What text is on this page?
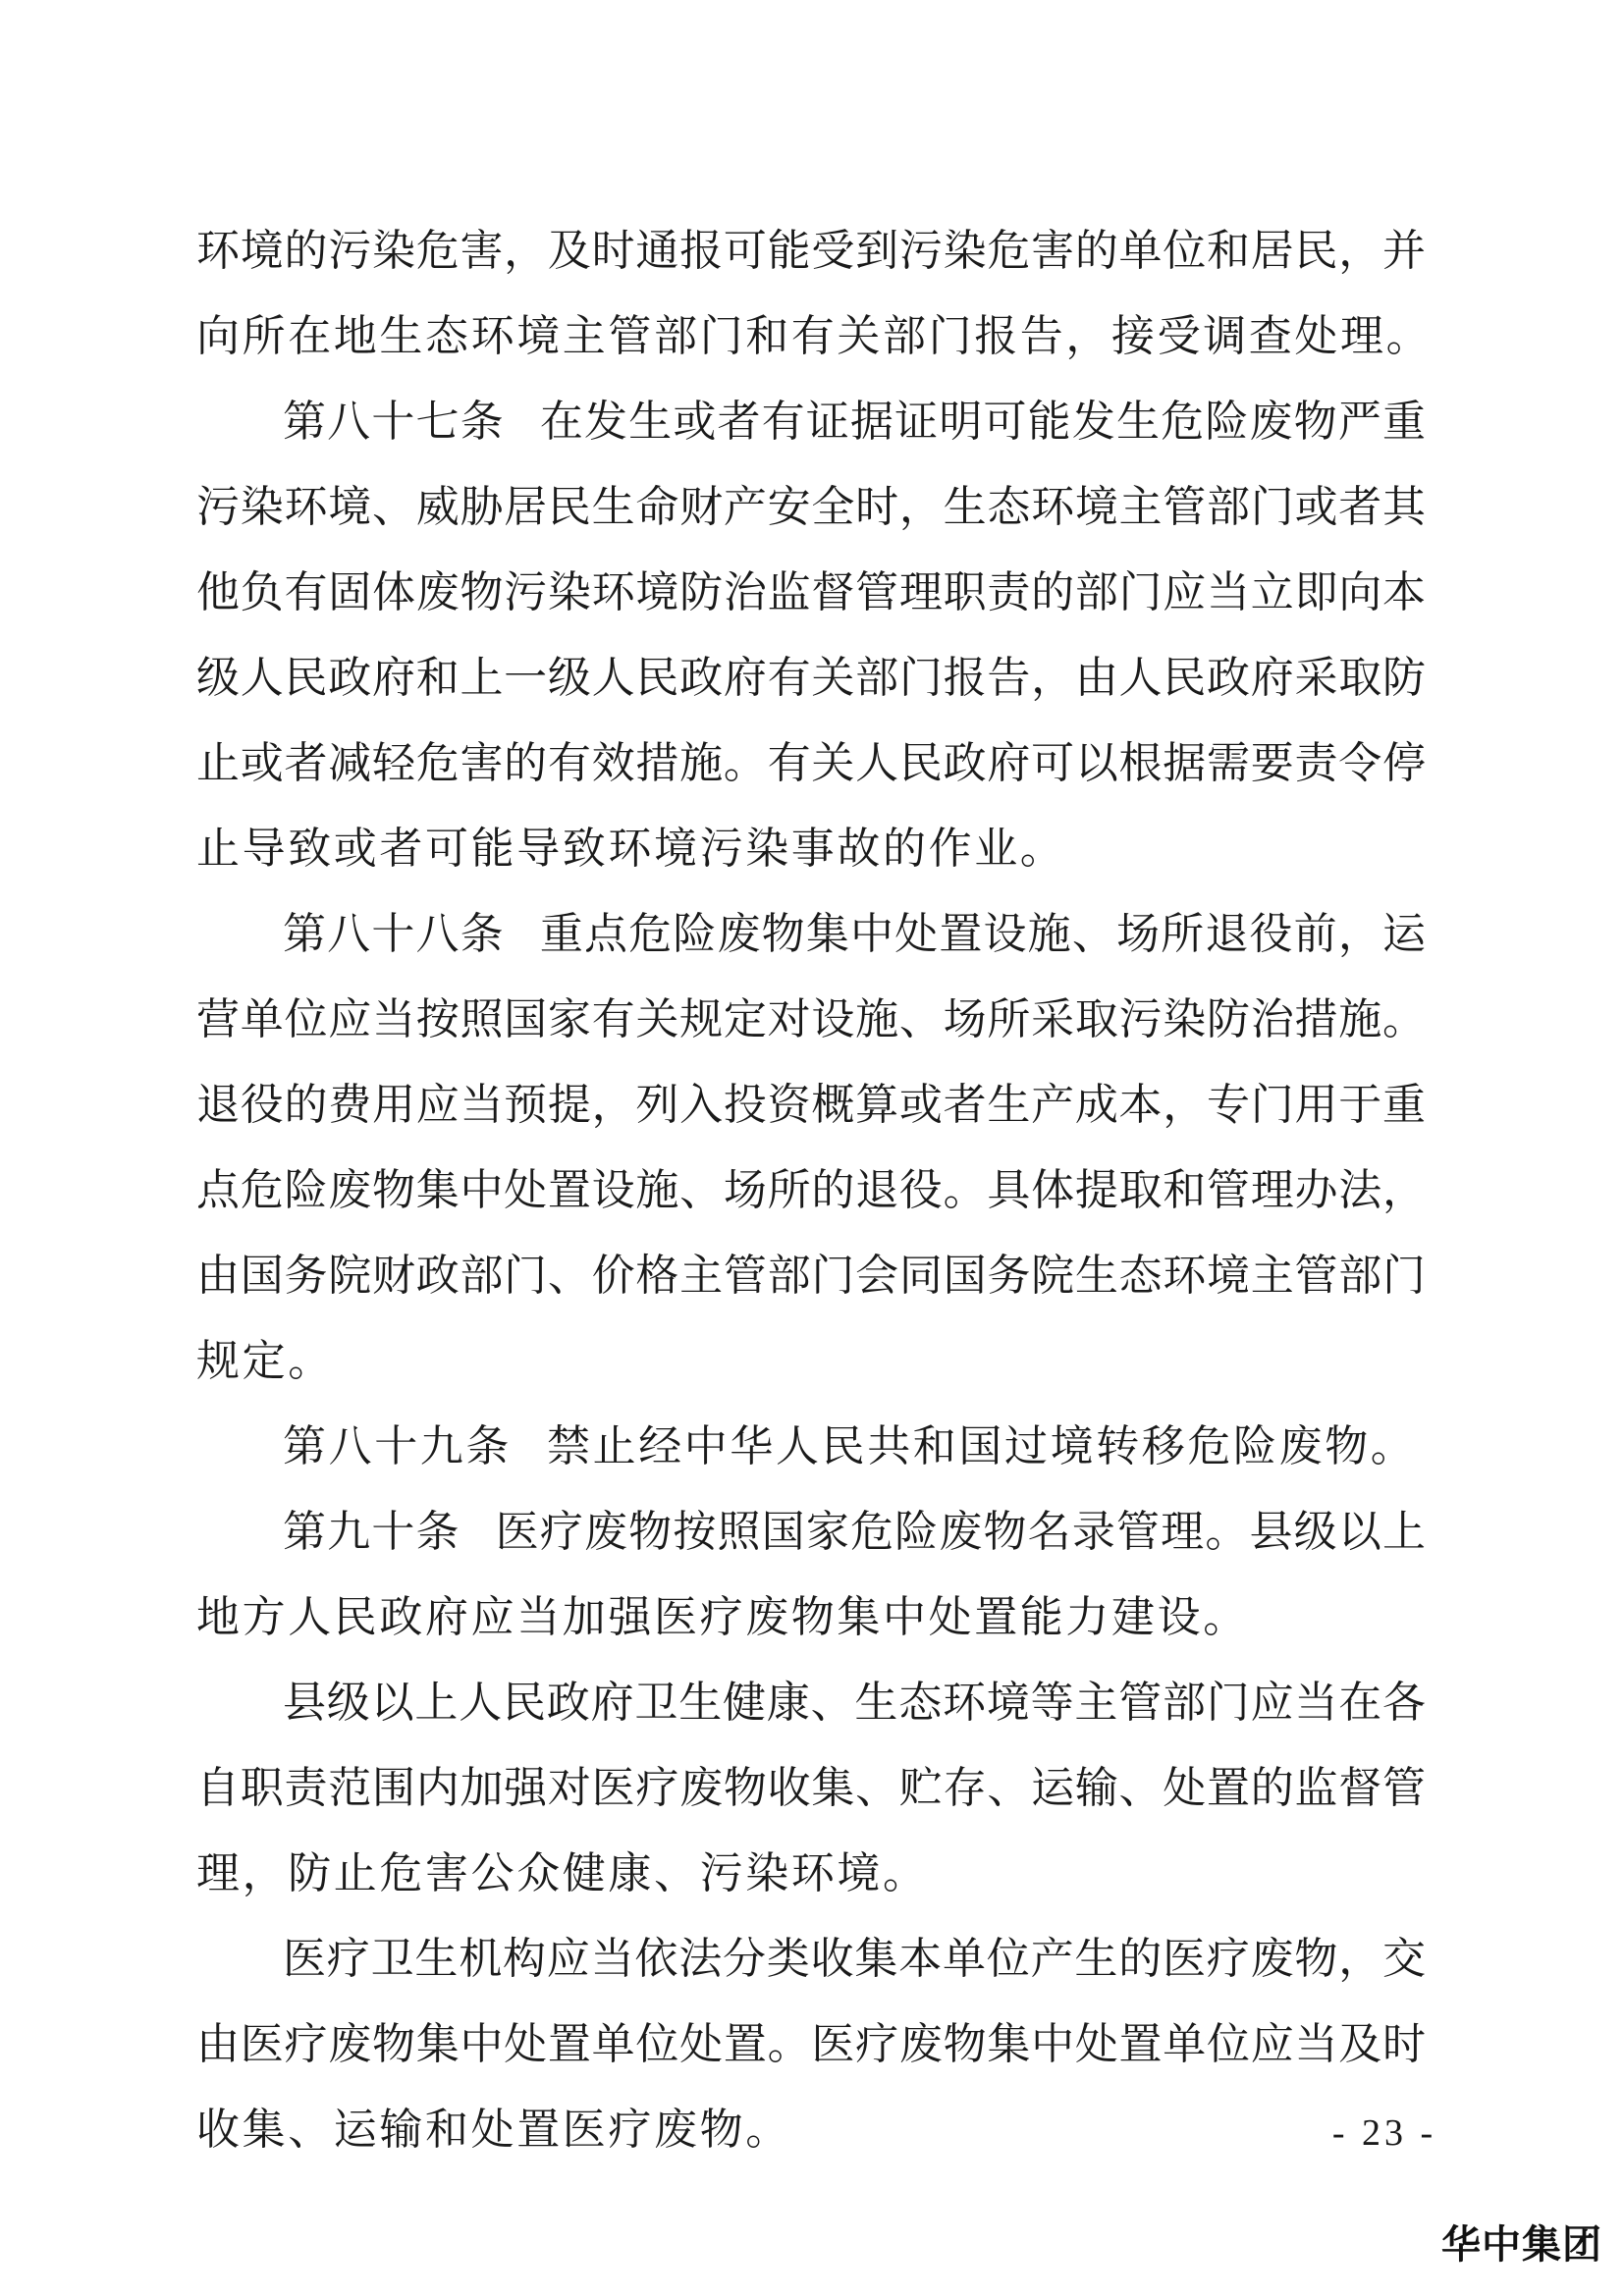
环境的污染危害，及时通报可能受到污染危害的单位和居民，并
向所在地生态环境主管部门和有关部门报告，接受调查处理。
第八十七条 在发生或者有证据证明可能发生危险废物严重
污染环境、威胁居民生命财产安全时，生态环境主管部门或者其
他负有固体废物污染环境防治监督管理职责的部门应当立即向本
级人民政府和上一级人民政府有关部门报告，由人民政府采取防
止或者减轻危害的有效措施。有关人民政府可以根据需要责令停
止导致或者可能导致环境污染事故的作业。
第八十八条 重点危险废物集中处置设施、场所退役前，运
营单位应当按照国家有关规定对设施、场所采取污染防治措施。
退役的费用应当预提，列入投资概算或者生产成本，专门用于重
点危险废物集中处置设施、场所的退役。具体提取和管理办法，
由国务院财政部门、价格主管部门会同国务院生态环境主管部门
规定。
第八十九条 禁止经中华人民共和国过境转移危险废物。
第九十条 医疗废物按照国家危险废物名录管理。县级以上
地方人民政府应当加强医疗废物集中处置能力建设。
县级以上人民政府卫生健康、生态环境等主管部门应当在各
自职责范围内加强对医疗废物收集、贮存、运输、处置的监督管
理，防止危害公众健康、污染环境。
医疗卫生机构应当依法分类收集本单位产生的医疗废物，交
由医疗废物集中处置单位处置。医疗废物集中处置单位应当及时
收集、运输和处置医疗废物。	- 23 -
华中集团
